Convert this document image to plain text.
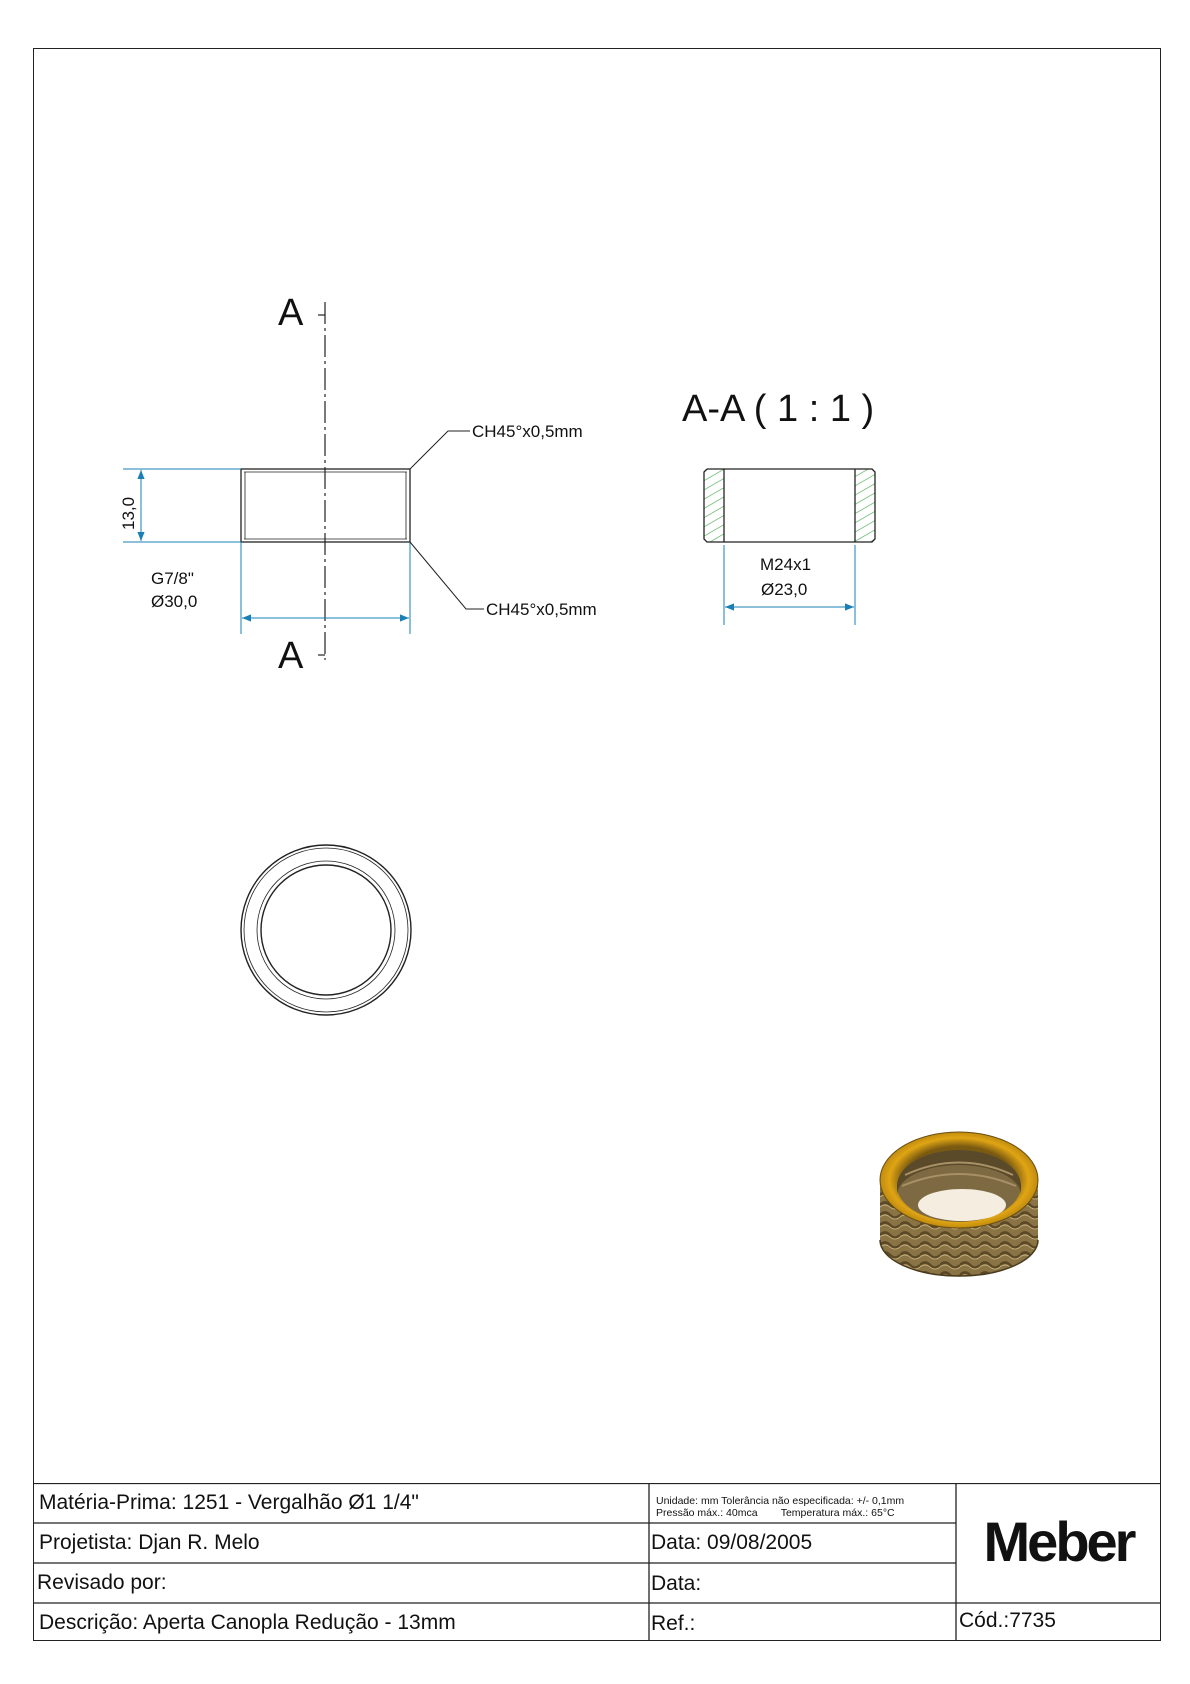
A
A
13,0
G7/8"
Ø30,0
CH45°x0,5mm
CH45°x0,5mm
A-A ( 1 : 1 )
M24x1
Ø23,0
Matéria-Prima: 1251 - Vergalhão Ø1 1/4"
Projetista: Djan R. Melo
Revisado por:
Descrição: Aperta Canopla Redução - 13mm
Unidade: mm Tolerância não especificada: +/- 0,1mm
Pressão máx.: 40mca        Temperatura máx.: 65°C
Data: 09/08/2005
Data:
Ref.:
Meber
Cód.:7735
